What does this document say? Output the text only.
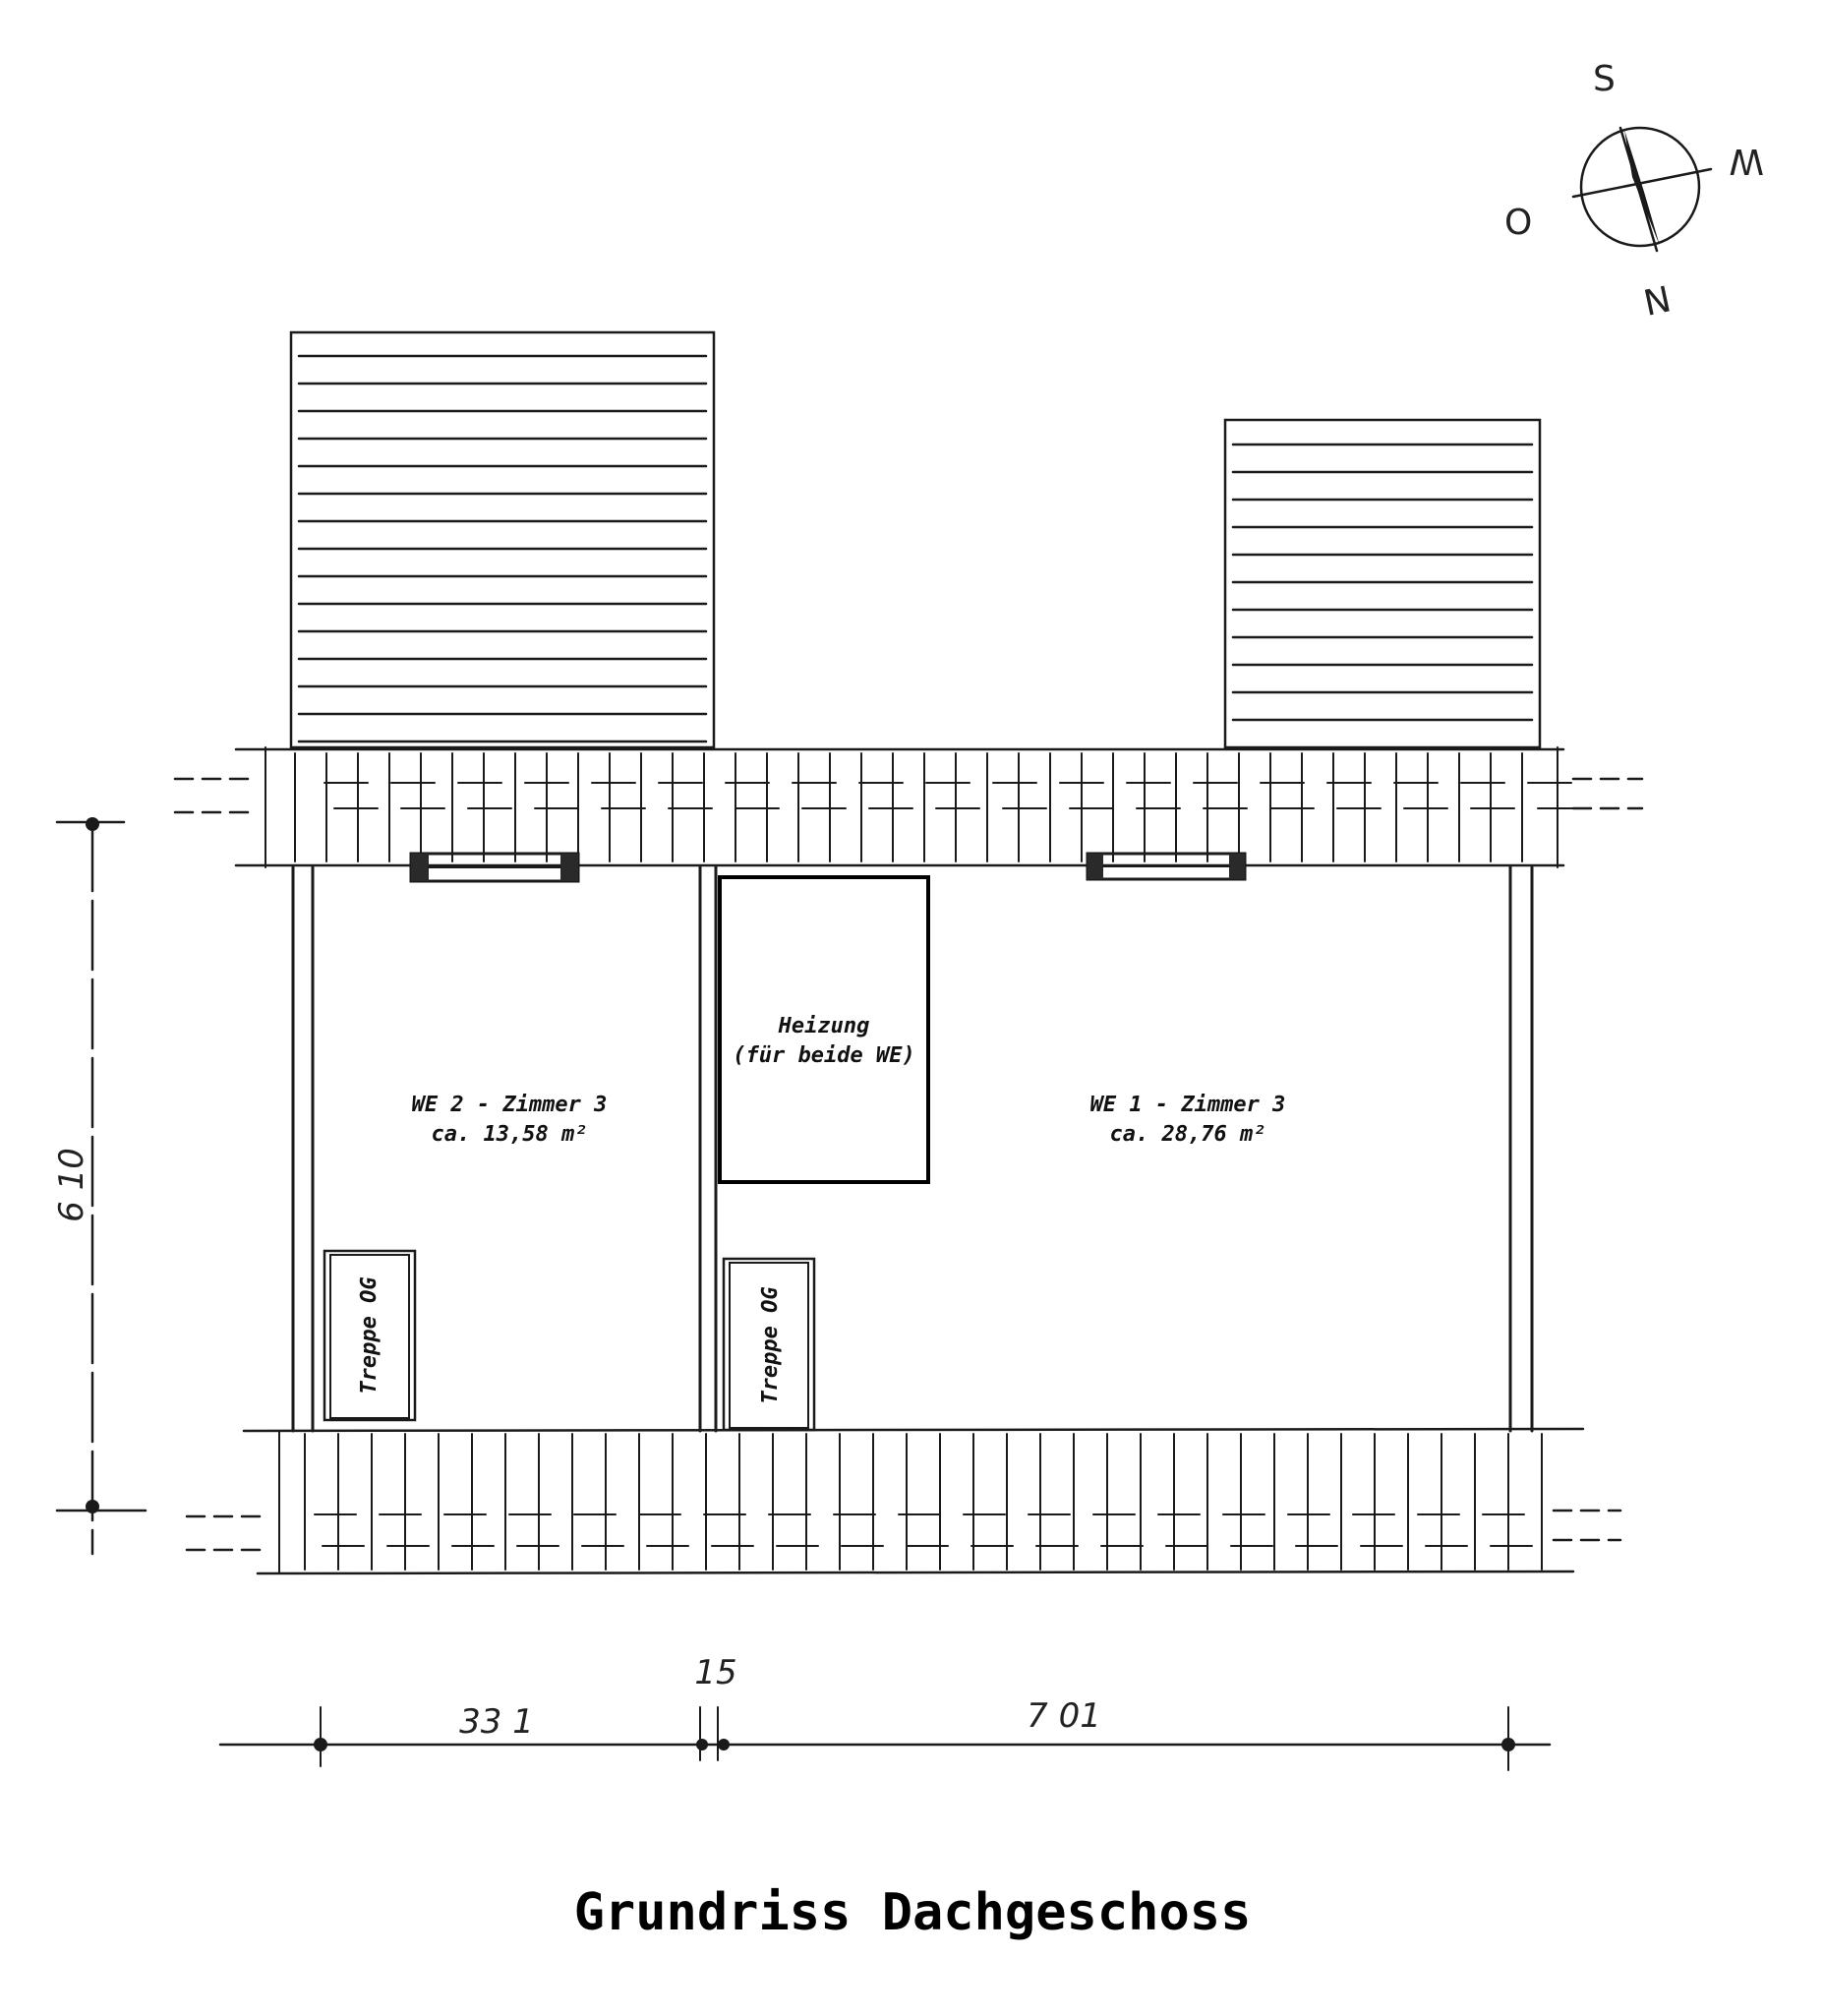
S
W
N
O
Heizung
(für beide WE)
WE 2 - Zimmer 3
ca. 13,58 m²
WE 1 - Zimmer 3
ca. 28,76 m²
Treppe OG	Treppe OG
6 10
33 1
15
7 01
Grundriss Dachgeschoss
